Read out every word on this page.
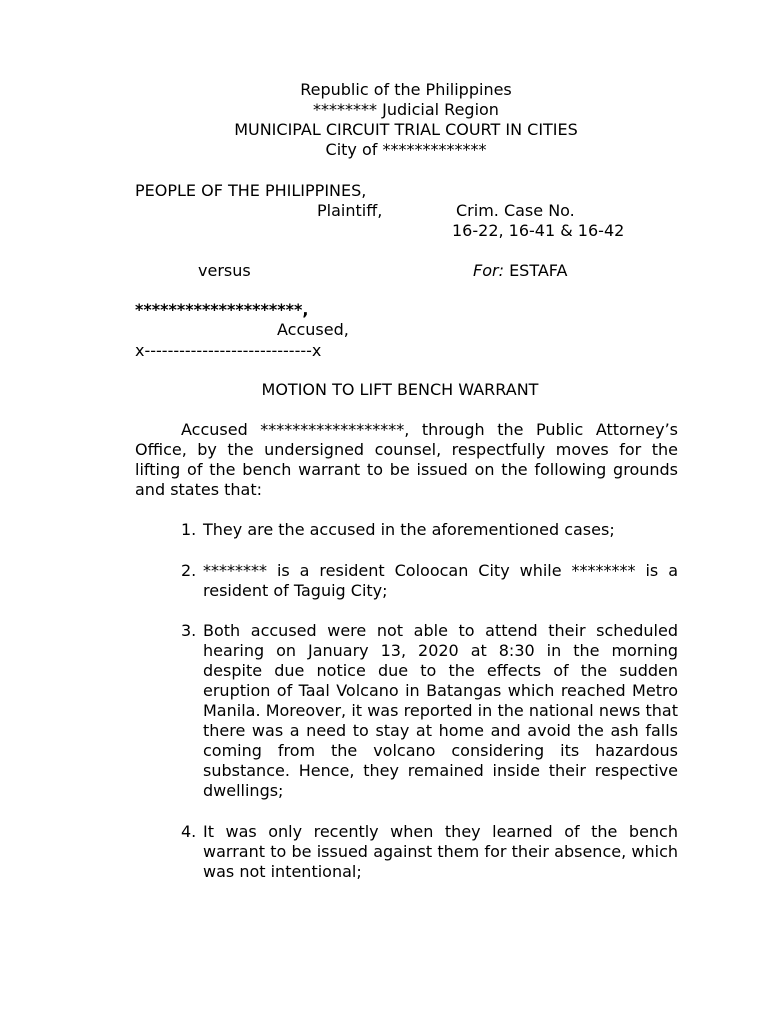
Republic of the Philippines
******** Judicial Region
MUNICIPAL CIRCUIT TRIAL COURT IN CITIES
City of *************
PEOPLE OF THE PHILIPPINES,
Plaintiff,	Crim. Case No.
16-22, 16-41 & 16-42
versus	For: ESTAFA
********************,
Accused,
x-----------------------------x
MOTION TO LIFT BENCH WARRANT
Accused ******************, through the Public Attorney’s Office, by the undersigned counsel, respectfully moves for the lifting of the bench warrant to be issued on the following grounds and states that:
1. They are the accused in the aforementioned cases;
2. ******** is a resident Coloocan City while ******** is a resident of Taguig City;
3. Both accused were not able to attend their scheduled hearing on January 13, 2020 at 8:30 in the morning despite due notice due to the effects of the sudden eruption of Taal Volcano in Batangas which reached Metro Manila. Moreover, it was reported in the national news that there was a need to stay at home and avoid the ash falls coming from the volcano considering its hazardous substance. Hence, they remained inside their respective dwellings;
4. It was only recently when they learned of the bench warrant to be issued against them for their absence, which was not intentional;
